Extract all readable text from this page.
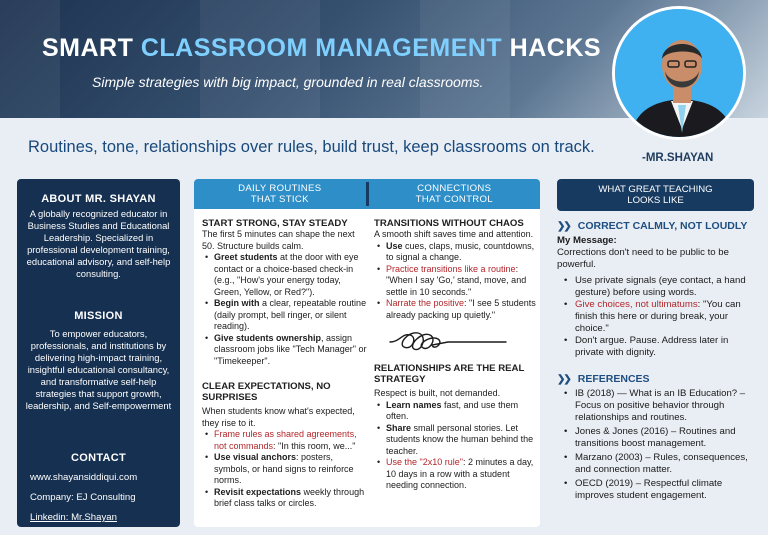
SMART CLASSROOM MANAGEMENT HACKS
Simple strategies with big impact, grounded in real classrooms.
Routines, tone, relationships over rules, build trust, keep classrooms on track.
-MR.SHAYAN
ABOUT MR. SHAYAN

A globally recognized educator in Business Studies and Educational Leadership. Specialized in professional development training, educational advisory, and self-help consulting.

MISSION

To empower educators, professionals, and institutions by delivering high-impact training, insightful educational consultancy, and transformative self-help strategies that support growth, leadership, and Self-empowerment

CONTACT
www.shayansiddiqui.com
Company: EJ Consulting
Linkedin: Mr.Shayan
DAILY ROUTINES
THAT STICK
CONNECTIONS
THAT CONTROL
START STRONG, STAY STEADY

The first 5 minutes can shape the next 50. Structure builds calm.

• Greet students at the door with eye contact or a choice-based check-in (e.g., "How's your energy today, Green, Yellow, or Red?").
• Begin with a clear, repeatable routine (daily prompt, bell ringer, or silent reading).
• Give students ownership, assign classroom jobs like "Tech Manager" or "Timekeeper".
CLEAR EXPECTATIONS, NO SURPRISES

When students know what's expected, they rise to it.

• Frame rules as shared agreements, not commands: "In this room, we..."
• Use visual anchors: posters, symbols, or hand signs to reinforce norms.
• Revisit expectations weekly through brief class talks or circles.
TRANSITIONS WITHOUT CHAOS

A smooth shift saves time and attention.

• Use cues, claps, music, countdowns, to signal a change.
• Practice transitions like a routine: "When I say 'Go,' stand, move, and settle in 10 seconds."
• Narrate the positive: "I see 5 students already packing up quietly."
RELATIONSHIPS ARE THE REAL STRATEGY

Respect is built, not demanded.

• Learn names fast, and use them often.
• Share small personal stories. Let students know the human behind the teacher.
• Use the "2x10 rule": 2 minutes a day, 10 days in a row with a student needing connection.
WHAT GREAT TEACHING
LOOKS LIKE
❯❯ CORRECT CALMLY, NOT LOUDLY

My Message:

Corrections don't need to be public to be powerful.

• Use private signals (eye contact, a hand gesture) before using words.
• Give choices, not ultimatums: "You can finish this here or during break, your choice."
• Don't argue. Pause. Address later in private with dignity.
❯❯ REFERENCES
• IB (2018) — What is an IB Education? – Focus on positive behavior through relationships and routines.
• Jones & Jones (2016) – Routines and transitions boost management.
• Marzano (2003) – Rules, consequences, and connection matter.
• OECD (2019) – Respectful climate improves student engagement.
